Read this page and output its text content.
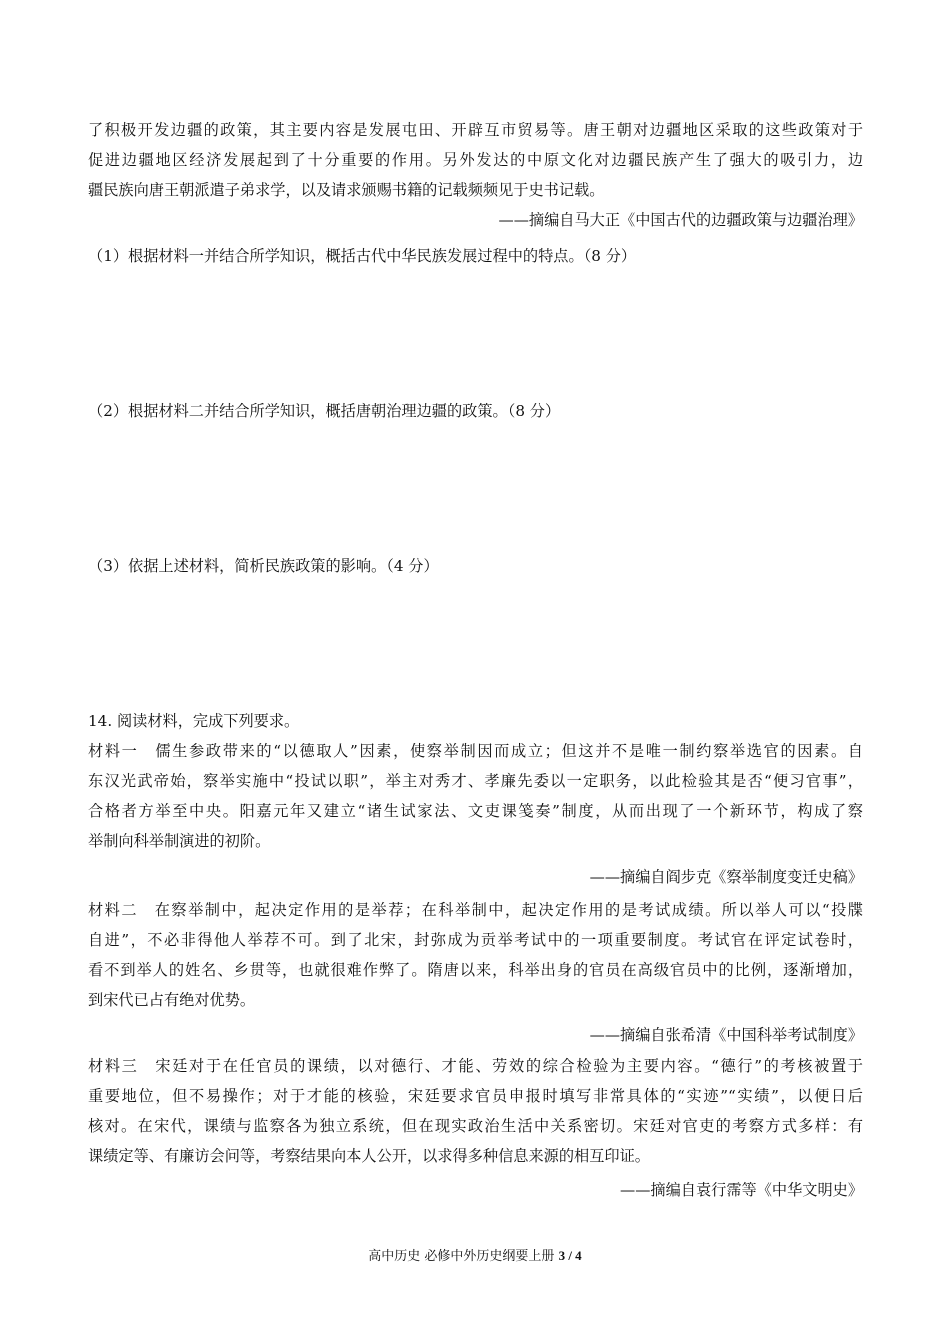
了积极开发边疆的政策，其主要内容是发展屯田、开辟互市贸易等。唐王朝对边疆地区采取的这些政策对于
促进边疆地区经济发展起到了十分重要的作用。另外发达的中原文化对边疆民族产生了强大的吸引力，边
疆民族向唐王朝派遣子弟求学，以及请求颁赐书籍的记载频频见于史书记载。
——摘编自马大正《中国古代的边疆政策与边疆治理》
（1）根据材料一并结合所学知识，概括古代中华民族发展过程中的特点。（8 分）
（2）根据材料二并结合所学知识，概括唐朝治理边疆的政策。（8 分）
（3）依据上述材料，简析民族政策的影响。（4 分）
14. 阅读材料，完成下列要求。
材料一　儒生参政带来的“以德取人”因素，使察举制因而成立；但这并不是唯一制约察举选官的因素。自
东汉光武帝始，察举实施中“投试以职”，举主对秀才、孝廉先委以一定职务，以此检验其是否“便习官事”，
合格者方举至中央。阳嘉元年又建立“诸生试家法、文吏课笺奏”制度，从而出现了一个新环节，构成了察
举制向科举制演进的初阶。
——摘编自阎步克《察举制度变迁史稿》
材料二　在察举制中，起决定作用的是举荐；在科举制中，起决定作用的是考试成绩。所以举人可以“投牒
自进”，不必非得他人举荐不可。到了北宋，封弥成为贡举考试中的一项重要制度。考试官在评定试卷时，
看不到举人的姓名、乡贯等，也就很难作弊了。隋唐以来，科举出身的官员在高级官员中的比例，逐渐增加，
到宋代已占有绝对优势。
——摘编自张希清《中国科举考试制度》
材料三　宋廷对于在任官员的课绩，以对德行、才能、劳效的综合检验为主要内容。“德行”的考核被置于
重要地位，但不易操作；对于才能的核验，宋廷要求官员申报时填写非常具体的“实迹”“实绩”，以便日后
核对。在宋代，课绩与监察各为独立系统，但在现实政治生活中关系密切。宋廷对官吏的考察方式多样：有
课绩定等、有廉访会问等，考察结果向本人公开，以求得多种信息来源的相互印证。
——摘编自袁行霈等《中华文明史》
高中历史 必修中外历史纲要上册 3 / 4
